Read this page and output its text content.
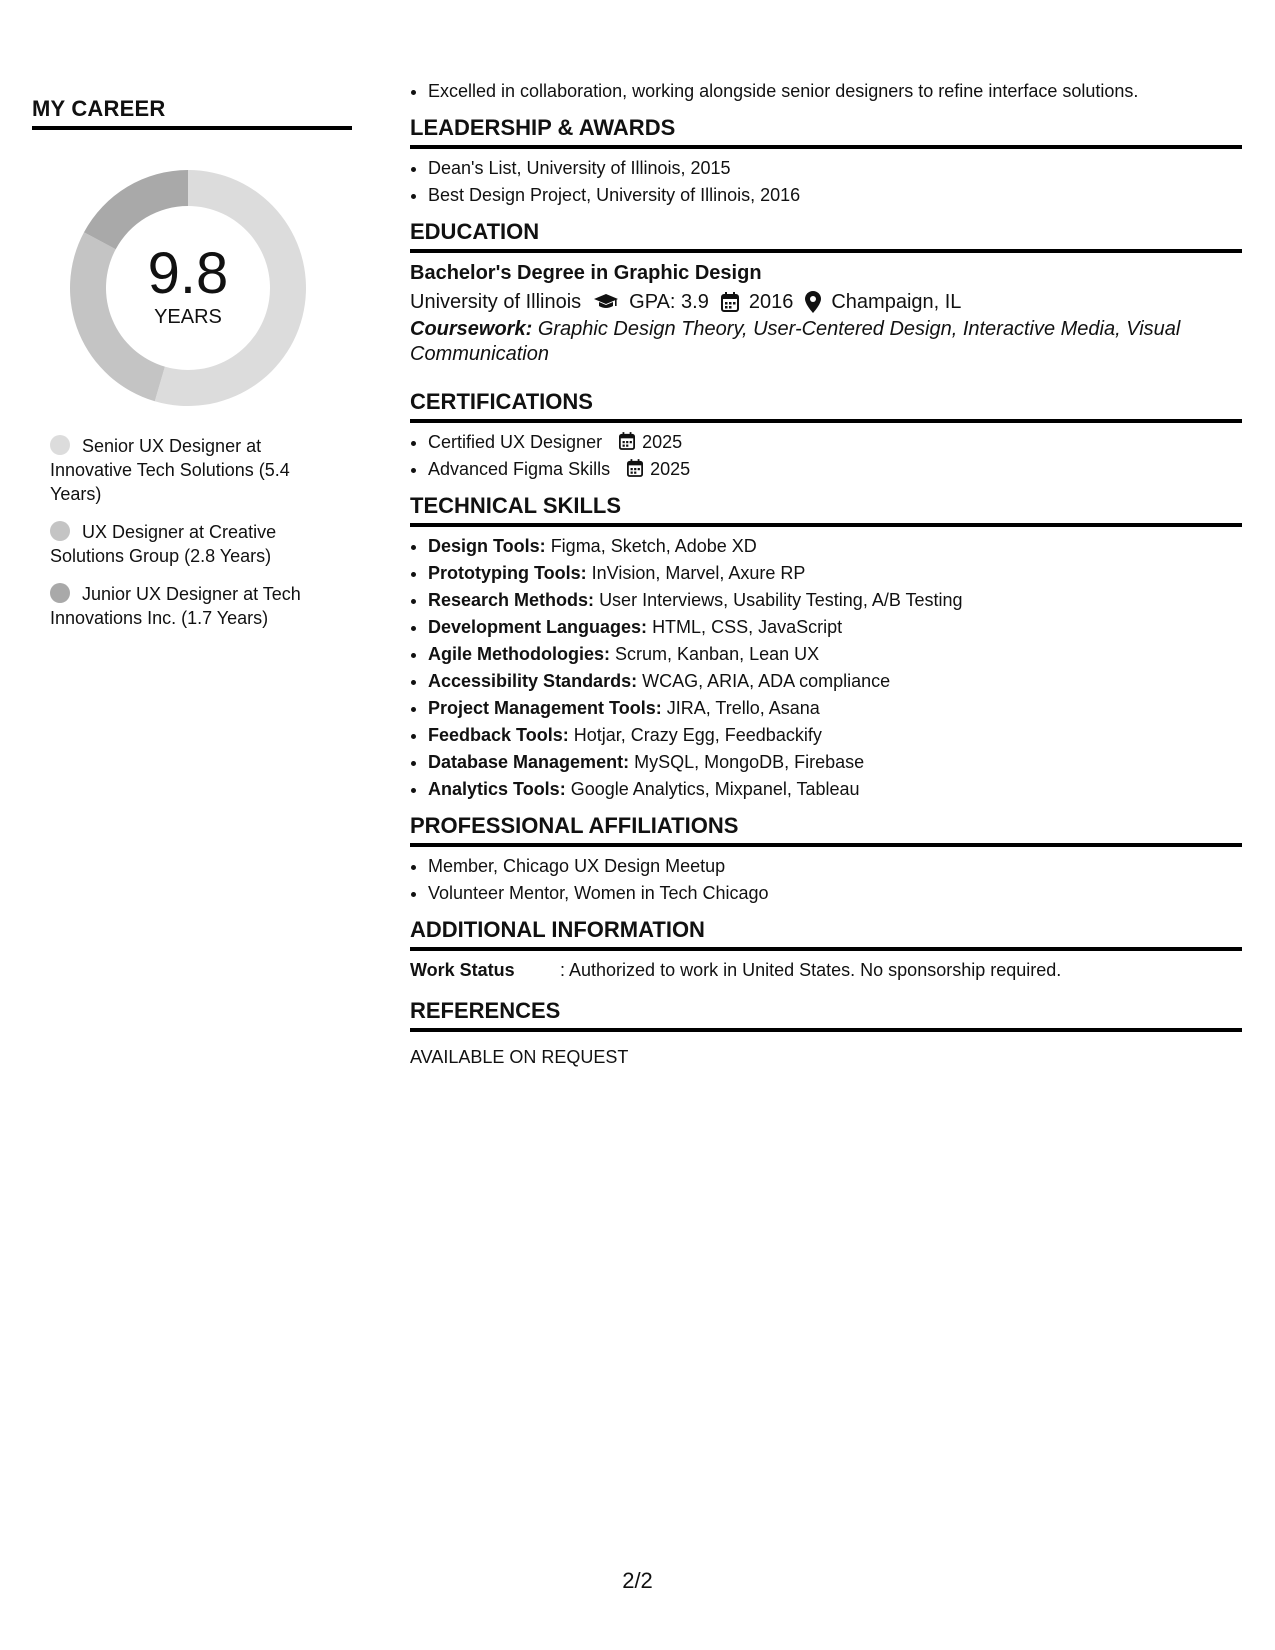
MY CAREER
9.8
YEARS
Senior UX Designer at Innovative Tech Solutions (5.4 Years)
UX Designer at Creative Solutions Group (2.8 Years)
Junior UX Designer at Tech Innovations Inc. (1.7 Years)
• Excelled in collaboration, working alongside senior designers to refine interface solutions.
LEADERSHIP & AWARDS
• Dean's List, University of Illinois, 2015
• Best Design Project, University of Illinois, 2016
EDUCATION
Bachelor's Degree in Graphic Design
University of Illinois GPA: 3.9 2016 Champaign, IL
Coursework: Graphic Design Theory, User-Centered Design, Interactive Media, Visual Communication
CERTIFICATIONS
• Certified UX Designer 2025
• Advanced Figma Skills 2025
TECHNICAL SKILLS
• Design Tools: Figma, Sketch, Adobe XD
• Prototyping Tools: InVision, Marvel, Axure RP
• Research Methods: User Interviews, Usability Testing, A/B Testing
• Development Languages: HTML, CSS, JavaScript
• Agile Methodologies: Scrum, Kanban, Lean UX
• Accessibility Standards: WCAG, ARIA, ADA compliance
• Project Management Tools: JIRA, Trello, Asana
• Feedback Tools: Hotjar, Crazy Egg, Feedbackify
• Database Management: MySQL, MongoDB, Firebase
• Analytics Tools: Google Analytics, Mixpanel, Tableau
PROFESSIONAL AFFILIATIONS
• Member, Chicago UX Design Meetup
• Volunteer Mentor, Women in Tech Chicago
ADDITIONAL INFORMATION
Work Status	: Authorized to work in United States. No sponsorship required.
REFERENCES
AVAILABLE ON REQUEST
2/2
